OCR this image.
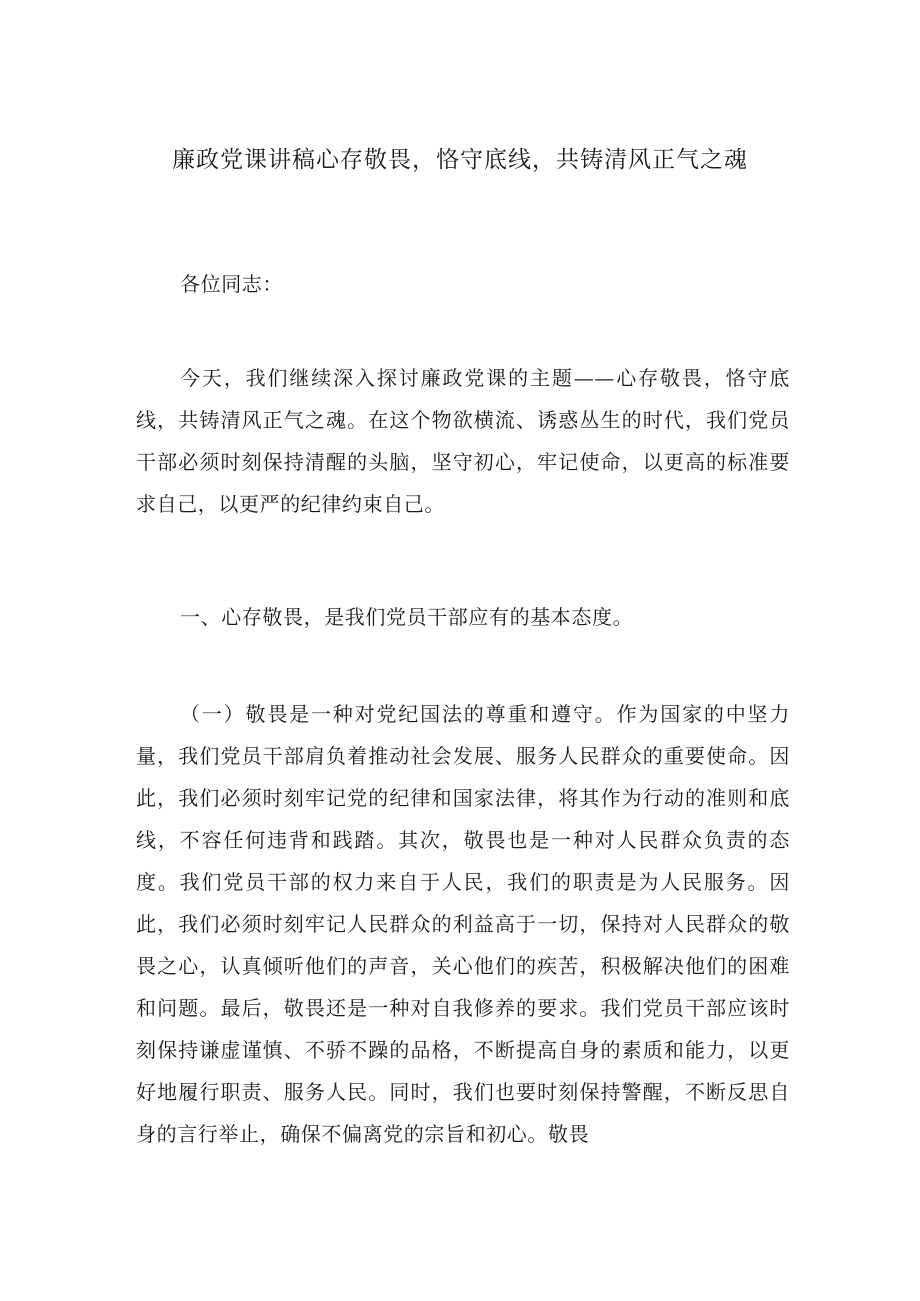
廉政党课讲稿心存敬畏，恪守底线，共铸清风正气之魂
各位同志：
今天，我们继续深入探讨廉政党课的主题——心存敬畏，恪守底线，共铸清风正气之魂。在这个物欲横流、诱惑丛生的时代，我们党员干部必须时刻保持清醒的头脑，坚守初心，牢记使命，以更高的标准要求自己，以更严的纪律约束自己。
一、心存敬畏，是我们党员干部应有的基本态度。
（一）敬畏是一种对党纪国法的尊重和遵守。作为国家的中坚力量，我们党员干部肩负着推动社会发展、服务人民群众的重要使命。因此，我们必须时刻牢记党的纪律和国家法律，将其作为行动的准则和底线，不容任何违背和践踏。其次，敬畏也是一种对人民群众负责的态度。我们党员干部的权力来自于人民，我们的职责是为人民服务。因此，我们必须时刻牢记人民群众的利益高于一切，保持对人民群众的敬畏之心，认真倾听他们的声音，关心他们的疾苦，积极解决他们的困难和问题。最后，敬畏还是一种对自我修养的要求。我们党员干部应该时刻保持谦虚谨慎、不骄不躁的品格，不断提高自身的素质和能力，以更好地履行职责、服务人民。同时，我们也要时刻保持警醒，不断反思自身的言行举止，确保不偏离党的宗旨和初心。敬畏
